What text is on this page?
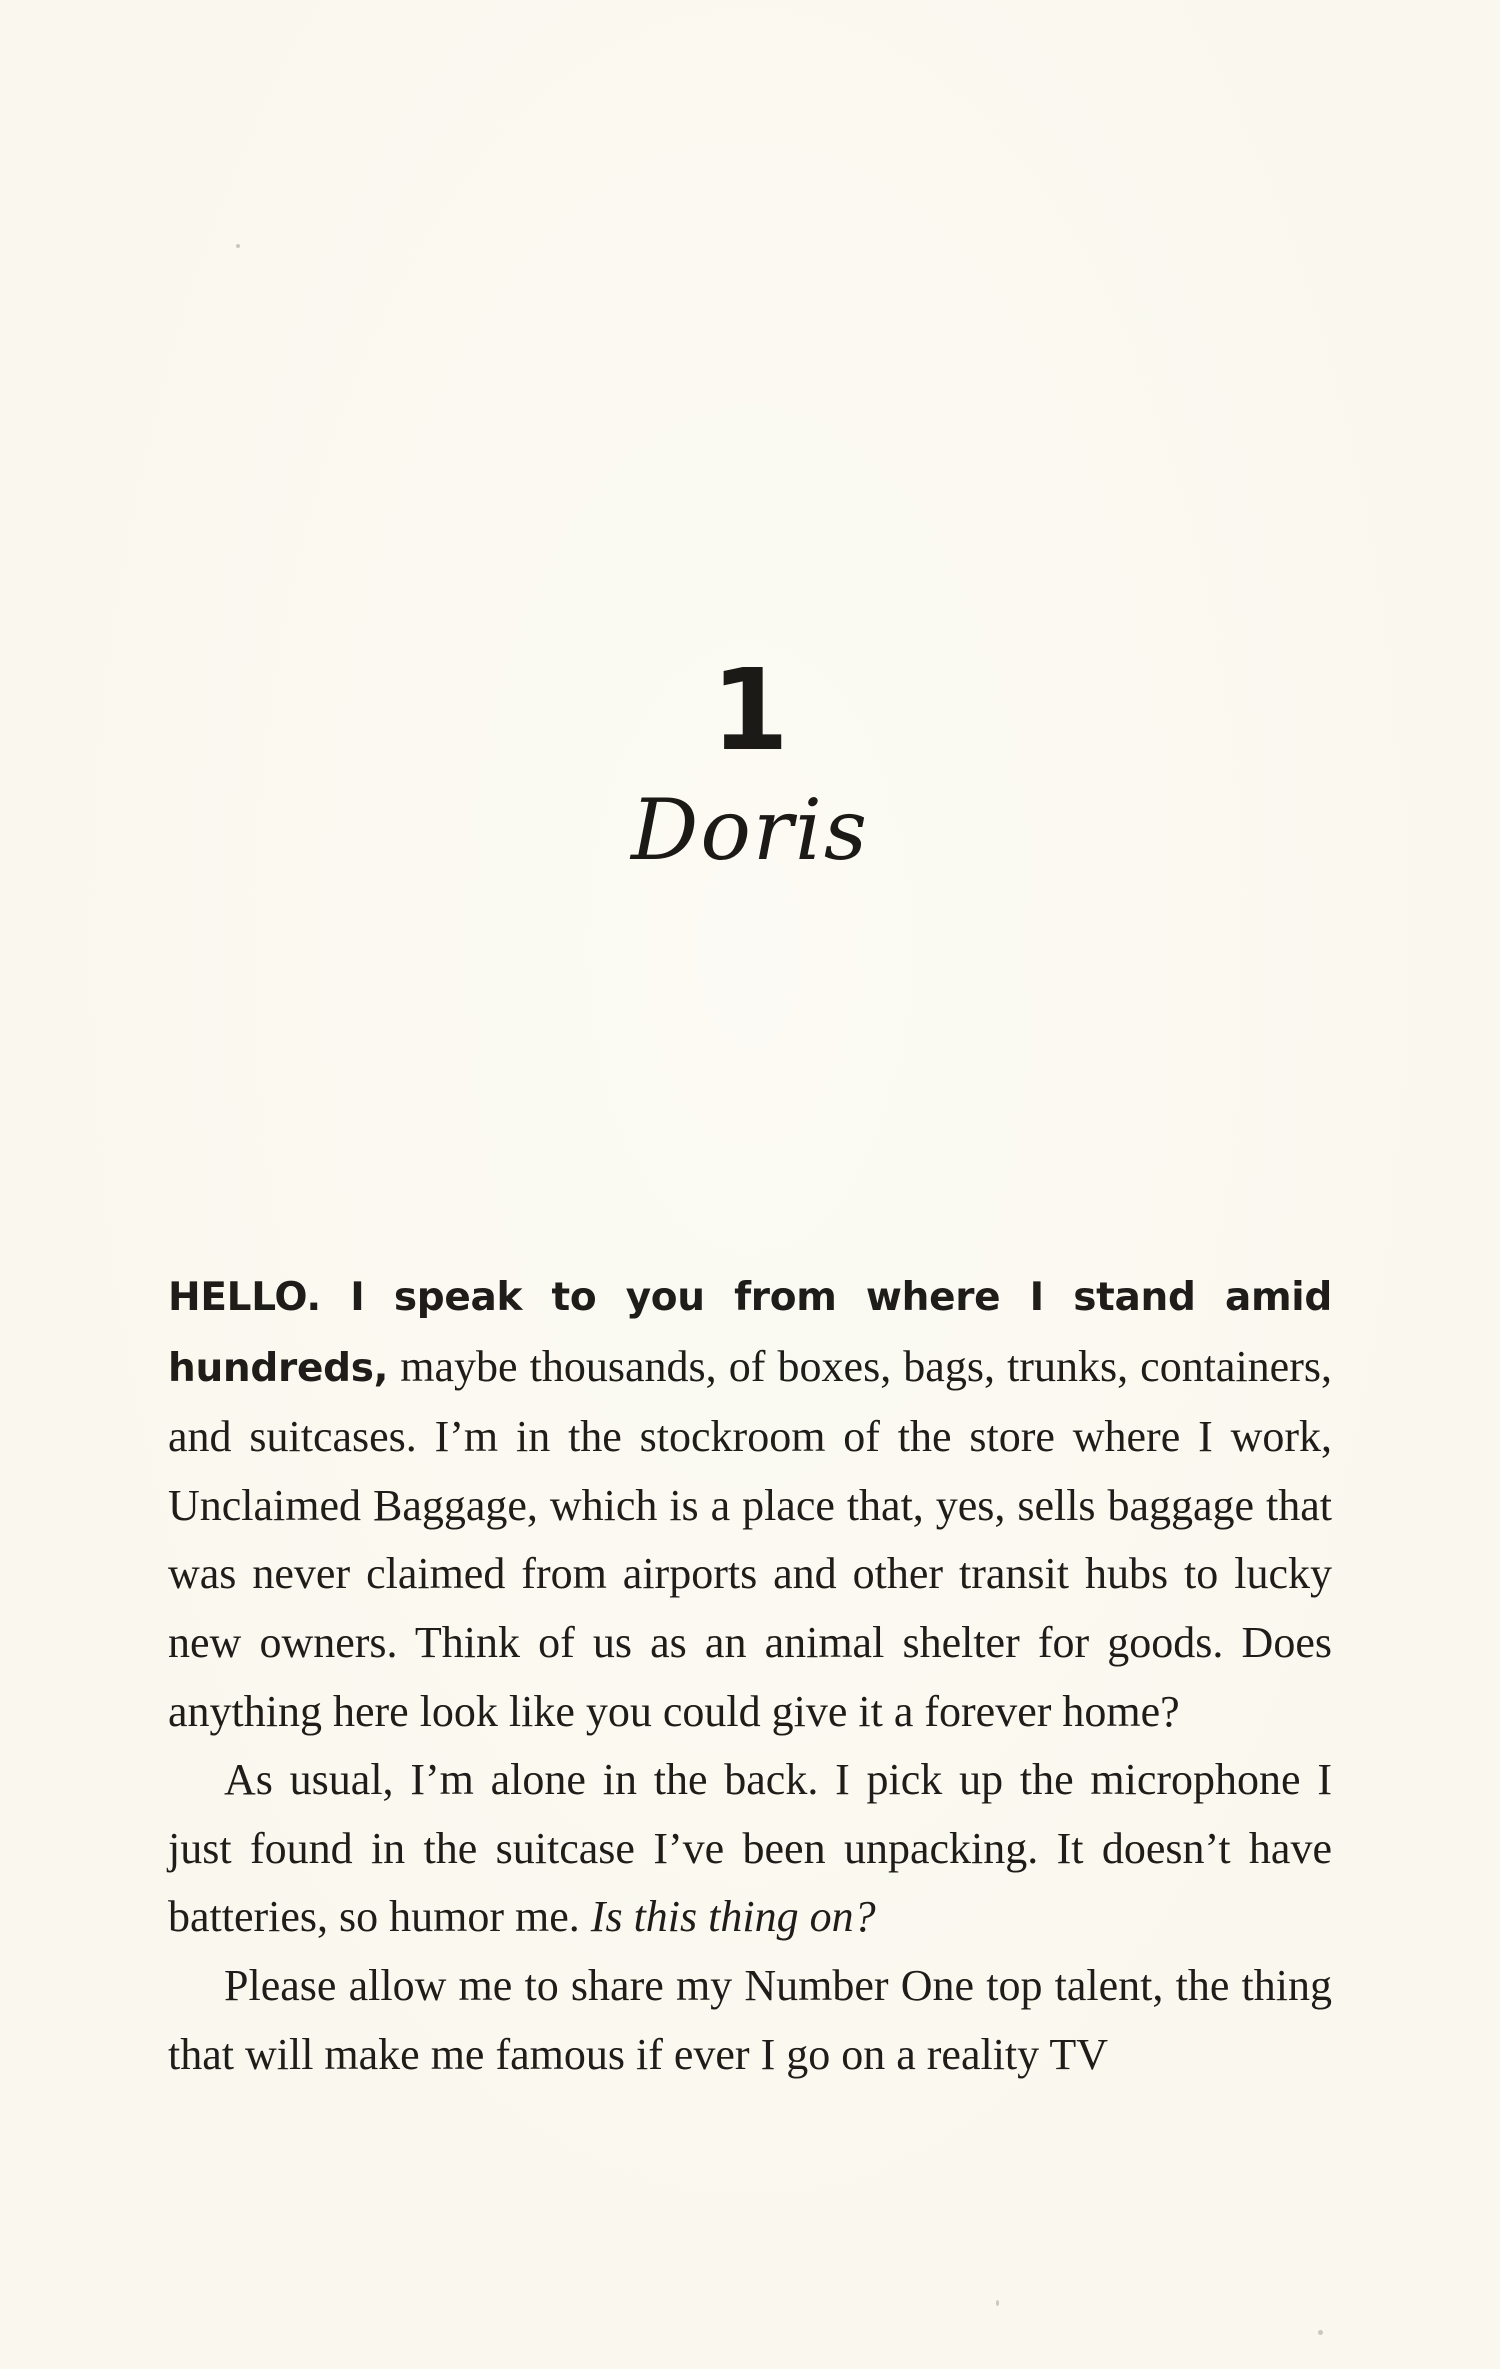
1
Doris

HELLO. I speak to you from where I stand amid hundreds, maybe thousands, of boxes, bags, trunks, containers, and suitcases. I’m in the stockroom of the store where I work, Unclaimed Baggage, which is a place that, yes, sells baggage that was never claimed from airports and other transit hubs to lucky new owners. Think of us as an animal shelter for goods. Does anything here look like you could give it a forever home?

As usual, I’m alone in the back. I pick up the microphone I just found in the suitcase I’ve been unpacking. It doesn’t have batteries, so humor me. Is this thing on?

Please allow me to share my Number One top talent, the thing that will make me famous if ever I go on a reality TV
